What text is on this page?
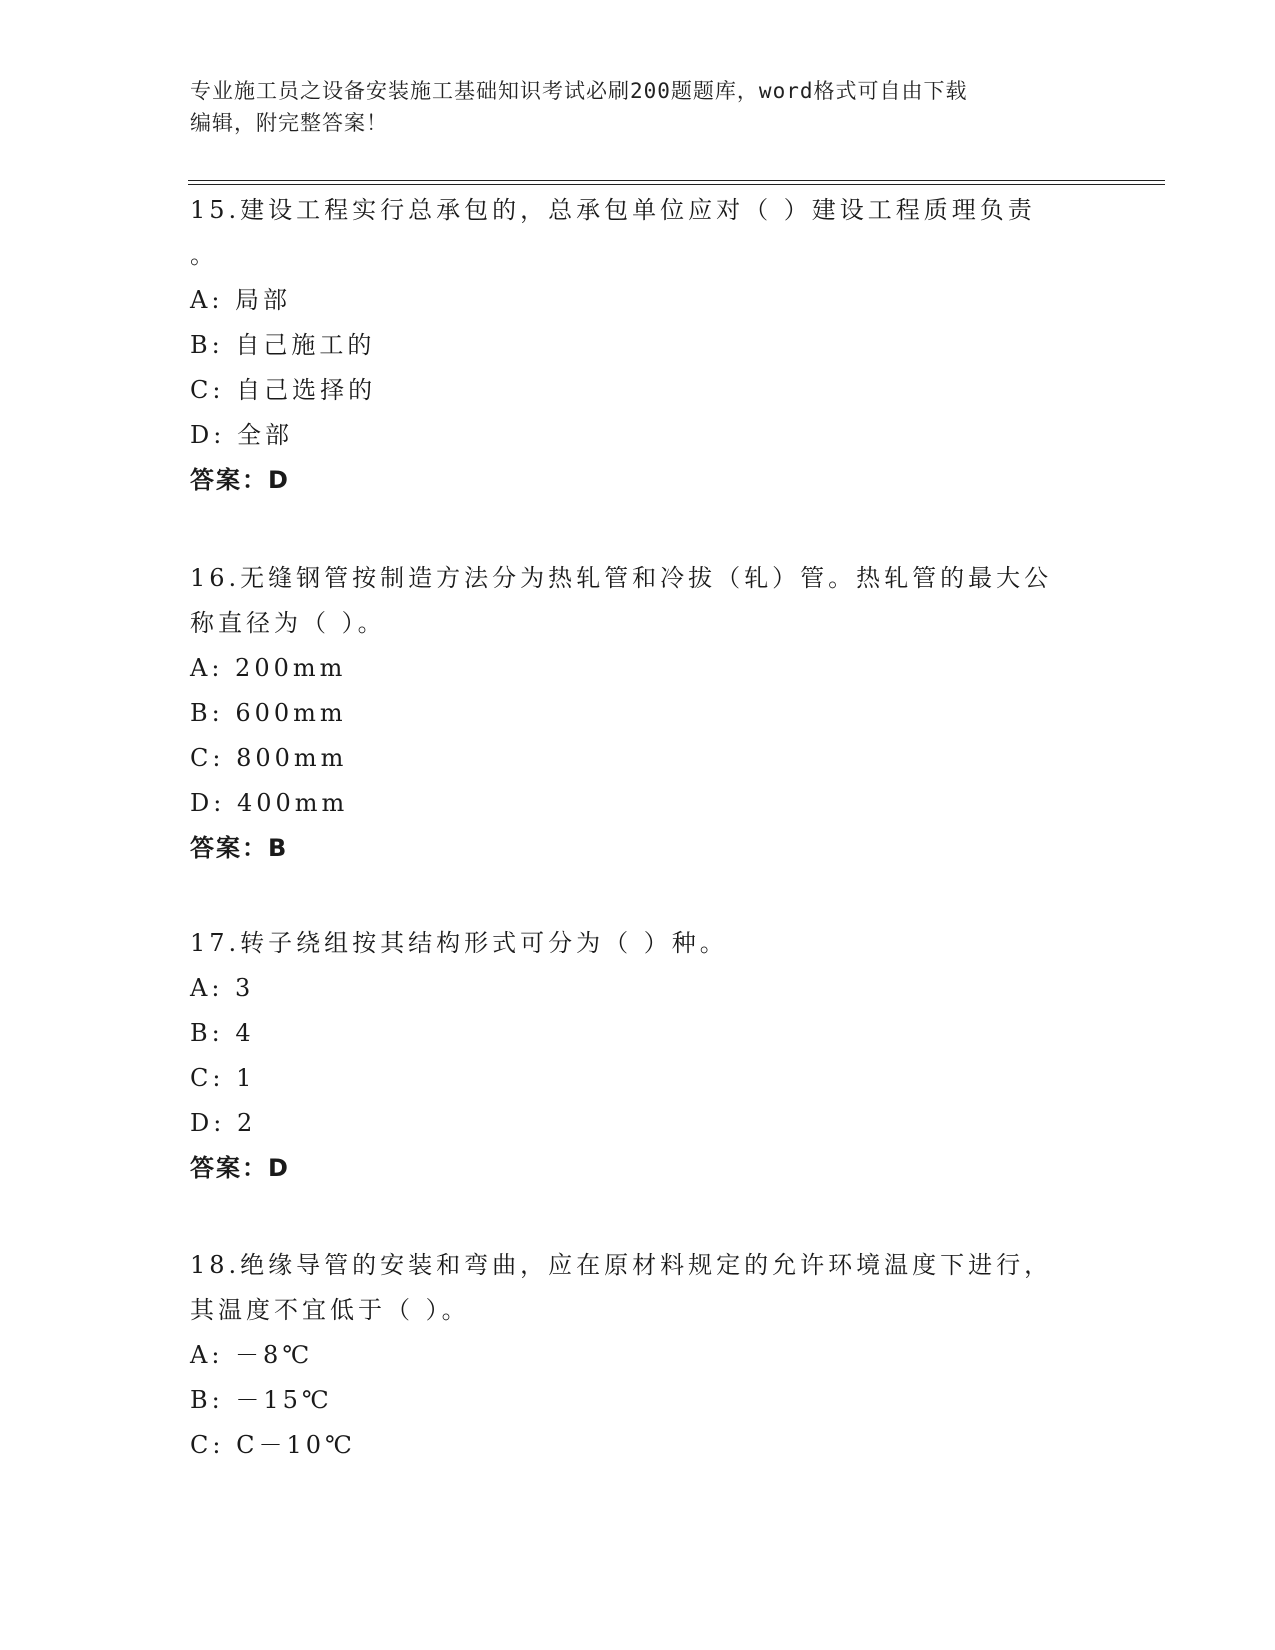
专业施工员之设备安装施工基础知识考试必刷200题题库，word格式可自由下载
编辑，附完整答案！
15.建设工程实行总承包的，总承包单位应对（ ）建设工程质理负责
。
A: 局部
B: 自己施工的
C: 自己选择的
D: 全部
答案：D
16.无缝钢管按制造方法分为热轧管和冷拔（轧）管。热轧管的最大公
称直径为（ ）。
A: 200mm
B: 600mm
C: 800mm
D: 400mm
答案：B
17.转子绕组按其结构形式可分为（ ）种。
A: 3
B: 4
C: 1
D: 2
答案：D
18.绝缘导管的安装和弯曲，应在原材料规定的允许环境温度下进行，
其温度不宜低于（ ）。
A: －8℃
B: －15℃
C: C－10℃
